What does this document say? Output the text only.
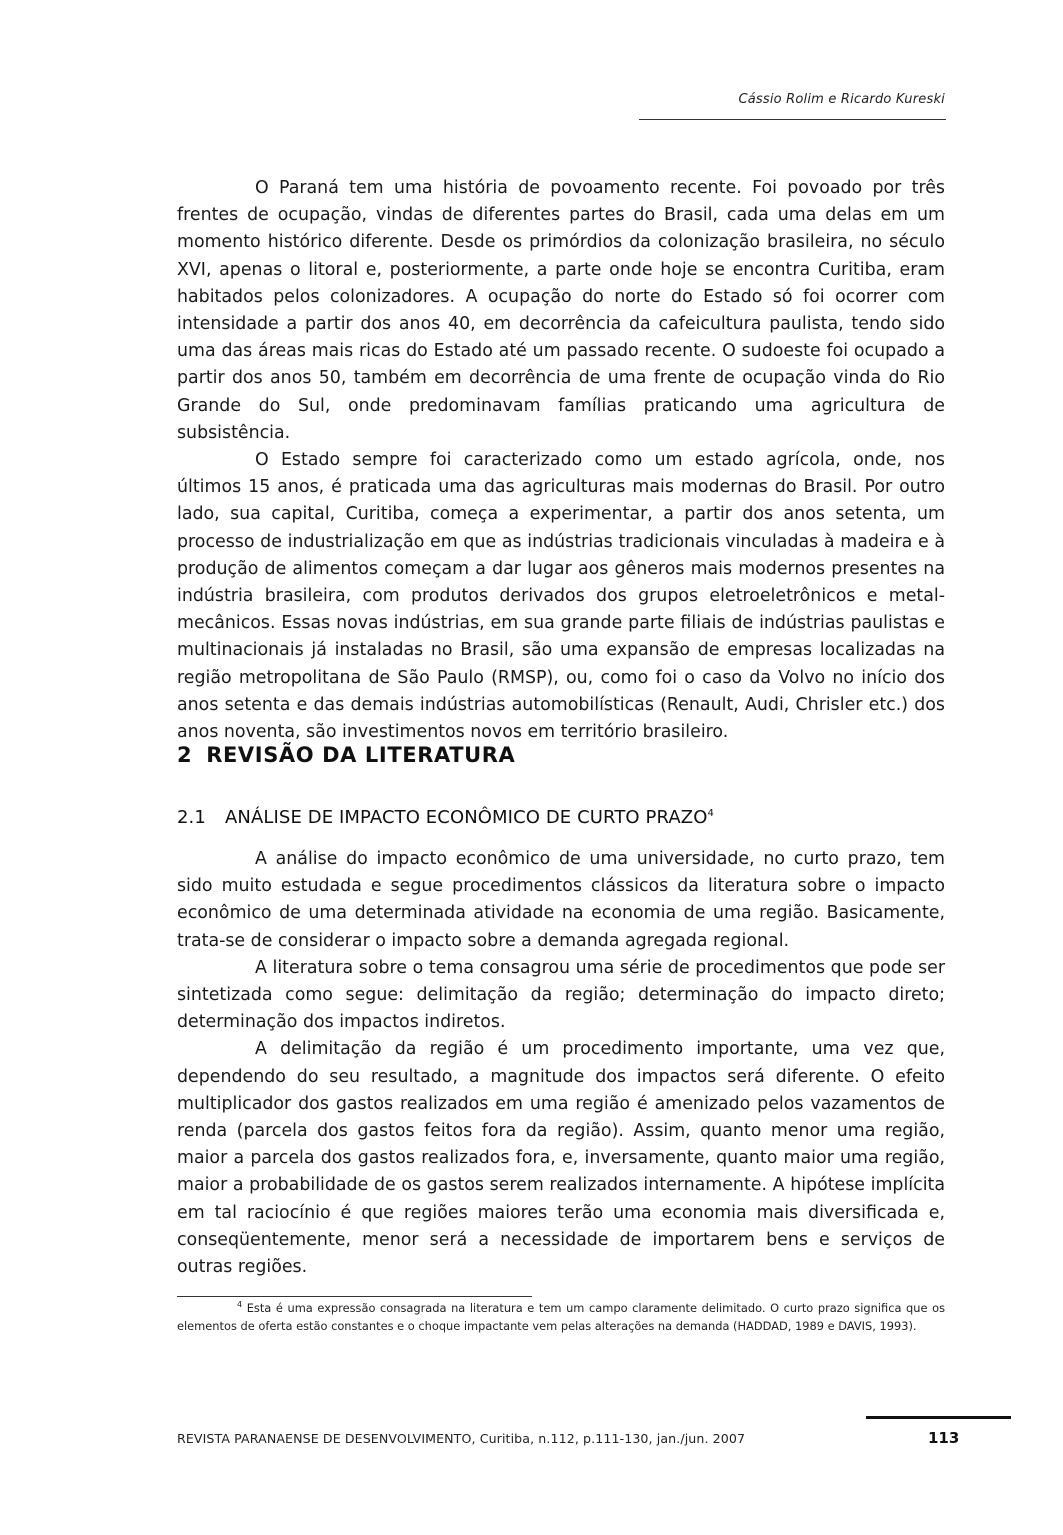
Cássio Rolim e Ricardo Kureski

O Paraná tem uma história de povoamento recente. Foi povoado por três frentes de ocupação, vindas de diferentes partes do Brasil, cada uma delas em um momento histórico diferente. Desde os primórdios da colonização brasileira, no século XVI, apenas o litoral e, posteriormente, a parte onde hoje se encontra Curitiba, eram habitados pelos colonizadores. A ocupação do norte do Estado só foi ocorrer com intensidade a partir dos anos 40, em decorrência da cafeicultura paulista, tendo sido uma das áreas mais ricas do Estado até um passado recente. O sudoeste foi ocupado a partir dos anos 50, também em decorrência de uma frente de ocupação vinda do Rio Grande do Sul, onde predominavam famílias praticando uma agricultura de subsistência.

O Estado sempre foi caracterizado como um estado agrícola, onde, nos últimos 15 anos, é praticada uma das agriculturas mais modernas do Brasil. Por outro lado, sua capital, Curitiba, começa a experimentar, a partir dos anos setenta, um processo de industrialização em que as indústrias tradicionais vinculadas à madeira e à produção de alimentos começam a dar lugar aos gêneros mais modernos presentes na indústria brasileira, com produtos derivados dos grupos eletroeletrônicos e metal-mecânicos. Essas novas indústrias, em sua grande parte filiais de indústrias paulistas e multinacionais já instaladas no Brasil, são uma expansão de empresas localizadas na região metropolitana de São Paulo (RMSP), ou, como foi o caso da Volvo no início dos anos setenta e das demais indústrias automobilísticas (Renault, Audi, Chrisler etc.) dos anos noventa, são investimentos novos em território brasileiro.

2 REVISÃO DA LITERATURA
2.1 ANÁLISE DE IMPACTO ECONÔMICO DE CURTO PRAZO$^4$

A análise do impacto econômico de uma universidade, no curto prazo, tem sido muito estudada e segue procedimentos clássicos da literatura sobre o impacto econômico de uma determinada atividade na economia de uma região. Basicamente, trata-se de considerar o impacto sobre a demanda agregada regional.

A literatura sobre o tema consagrou uma série de procedimentos que pode ser sintetizada como segue: delimitação da região; determinação do impacto direto; determinação dos impactos indiretos.

A delimitação da região é um procedimento importante, uma vez que, dependendo do seu resultado, a magnitude dos impactos será diferente. O efeito multiplicador dos gastos realizados em uma região é amenizado pelos vazamentos de renda (parcela dos gastos feitos fora da região). Assim, quanto menor uma região, maior a parcela dos gastos realizados fora, e, inversamente, quanto maior uma região, maior a probabilidade de os gastos serem realizados internamente. A hipótese implícita em tal raciocínio é que regiões maiores terão uma economia mais diversificada e, conseqüentemente, menor será a necessidade de importarem bens e serviços de outras regiões.

$^4$ Esta é uma expressão consagrada na literatura e tem um campo claramente delimitado. O curto prazo significa que os elementos de oferta estão constantes e o choque impactante vem pelas alterações na demanda (HADDAD, 1989 e DAVIS, 1993).
REVISTA PARANAENSE DE DESENVOLVIMENTO, Curitiba, n.112, p.111-130, jan./jun. 2007	113
